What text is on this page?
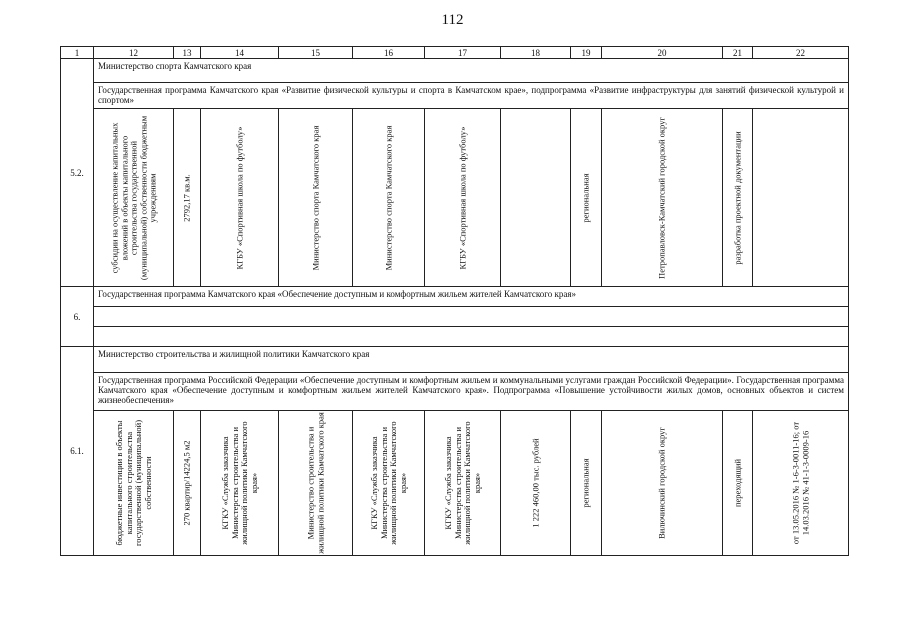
112
1	12	13	14	15	16	17	18	19	20	21	22
5.2.	Министерство спорта Камчатского края										
	Государственная программа Камчатского края «Развитие физической культуры и спорта в Камчатском крае», подпрограмма «Развитие инфраструктуры для занятий физической культурой и спортом»										

	субсидии на осуществление капитальных вложений в объекты капитального строительства государственной (муниципальной) собственности бюджетным учреждениям	2792,17 кв.м.	КГБУ «Спортивная школа по футболу»	Министерство спорта Камчатского края	Министерство спорта Камчатского края	КГБУ «Спортивная школа по футболу»		региональная	Петропавловск-Камчатский городской округ	разработка проектной документации	

6.	Государственная программа Камчатского края «Обеспечение доступным и комфортным жильем жителей Камчатского края»										

6.1.	Министерство строительства и жилищной политики Камчатского края										
	Государственная программа Российской Федерации «Обеспечение доступным и комфортным жильем и коммунальными услугами граждан Российской Федерации». Государственная программа Камчатского края «Обеспечение доступным и комфортным жильем жителей Камчатского края». Подпрограмма «Повышение устойчивости жилых домов, основных объектов и систем жизнеобеспечения»										

	бюджетные инвестиции в объекты капитального строительства государственной (муниципальной) собственности	270 квартир/14224,5 м2	КГКУ «Служба заказчика Министерства строительства и жилищной политики Камчатского края»	Министерство строительства и жилищной политики Камчатского края	КГКУ «Служба заказчика Министерства строительства и жилищной политики Камчатского края»	КГКУ «Служба заказчика Министерства строительства и жилищной политики Камчатского края»	1 222 460,00 тыс. рублей	региональная	Вилючинский городской округ	переходящий	от 13.05.2016 № 1-6-3-0011-16; от 14.03.2016 № 41-1-3-0009-16
